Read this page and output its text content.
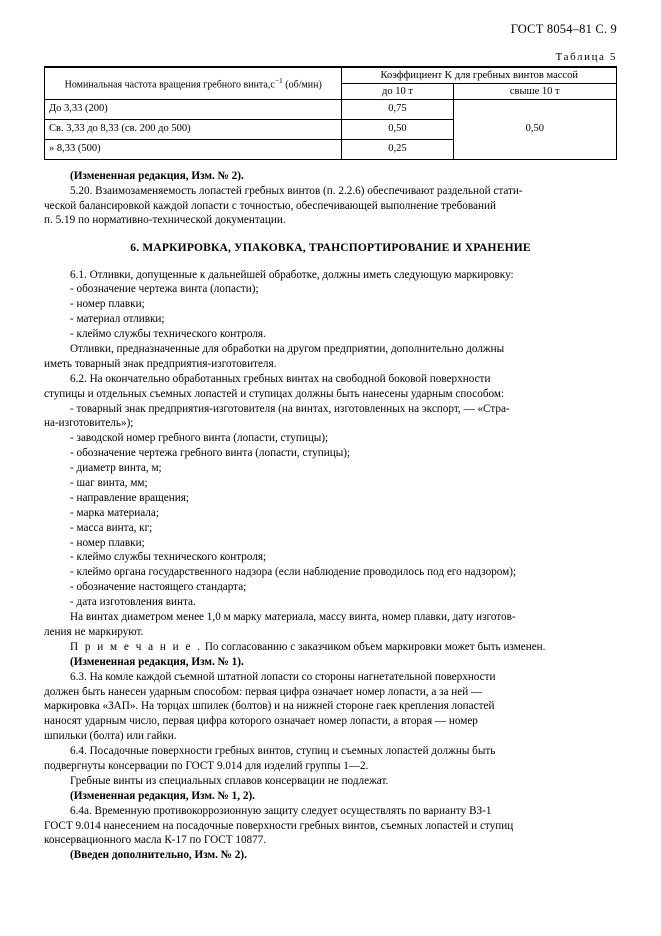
ГОСТ 8054–81 С. 9
Таблица 5
Номинальная частота вращения гребного $винта,с^{-1}$ (об/мин)	Коэффициент K для гребных винтов массой	
	до 10 т	свыше 10 т
До 3,33 (200)	0,75	0,50
Св. 3,33 до 8,33 (св. 200 до 500)	0,50	
» 8,33 (500)	0,25	

(Измененная редакция, Изм. № 2).

5.20. Взаимозаменяемость лопастей гребных винтов (п. 2.2.6) обеспечивают раздельной стати-

ческой балансировкой каждой лопасти с точностью, обеспечивающей выполнение требований

п. 5.19 по нормативно-технической документации.

6. МАРКИРОВКА, УПАКОВКА, ТРАНСПОРТИРОВАНИЕ И ХРАНЕНИЕ

6.1. Отливки, допущенные к дальнейшей обработке, должны иметь следующую маркировку:

- обозначение чертежа винта (лопасти);

- номер плавки;

- материал отливки;

- клеймо службы технического контроля.

Отливки, предназначенные для обработки на другом предприятии, дополнительно должны

иметь товарный знак предприятия-изготовителя.

6.2. На окончательно обработанных гребных винтах на свободной боковой поверхности

ступицы и отдельных съемных лопастей и ступицах должны быть нанесены ударным способом:

- товарный знак предприятия-изготовителя (на винтах, изготовленных на экспорт, — «Стра-

на-изготовитель»);

- заводской номер гребного винта (лопасти, ступицы);

- обозначение чертежа гребного винта (лопасти, ступицы);

- диаметр винта, м;

- шаг винта, мм;

- направление вращения;

- марка материала;

- масса винта, кг;

- номер плавки;

- клеймо службы технического контроля;

- клеймо органа государственного надзора (если наблюдение проводилось под его надзором);

- обозначение настоящего стандарта;

- дата изготовления винта.

На винтах диаметром менее 1,0 м марку материала, массу винта, номер плавки, дату изготов-

ления не маркируют.

П р и м е ч а н и е . По согласованию с заказчиком объем маркировки может быть изменен.

(Измененная редакция, Изм. № 1).

6.3. На комле каждой съемной штатной лопасти со стороны нагнетательной поверхности

должен быть нанесен ударным способом: первая цифра означает номер лопасти, а за ней —

маркировка «ЗАП». На торцах шпилек (болтов) и на нижней стороне гаек крепления лопастей

наносят ударным число, первая цифра которого означает номер лопасти, а вторая — номер

шпильки (болта) или гайки.

6.4. Посадочные поверхности гребных винтов, ступиц и съемных лопастей должны быть

подвергнуты консервации по ГОСТ 9.014 для изделий группы 1—2.

Гребные винты из специальных сплавов консервации не подлежат.

(Измененная редакция, Изм. № 1, 2).

6.4а. Временную противокоррозионную защиту следует осуществлять по варианту ВЗ-1

ГОСТ 9.014 нанесением на посадочные поверхности гребных винтов, съемных лопастей и ступиц

консервационного масла К-17 по ГОСТ 10877.

(Введен дополнительно, Изм. № 2).
